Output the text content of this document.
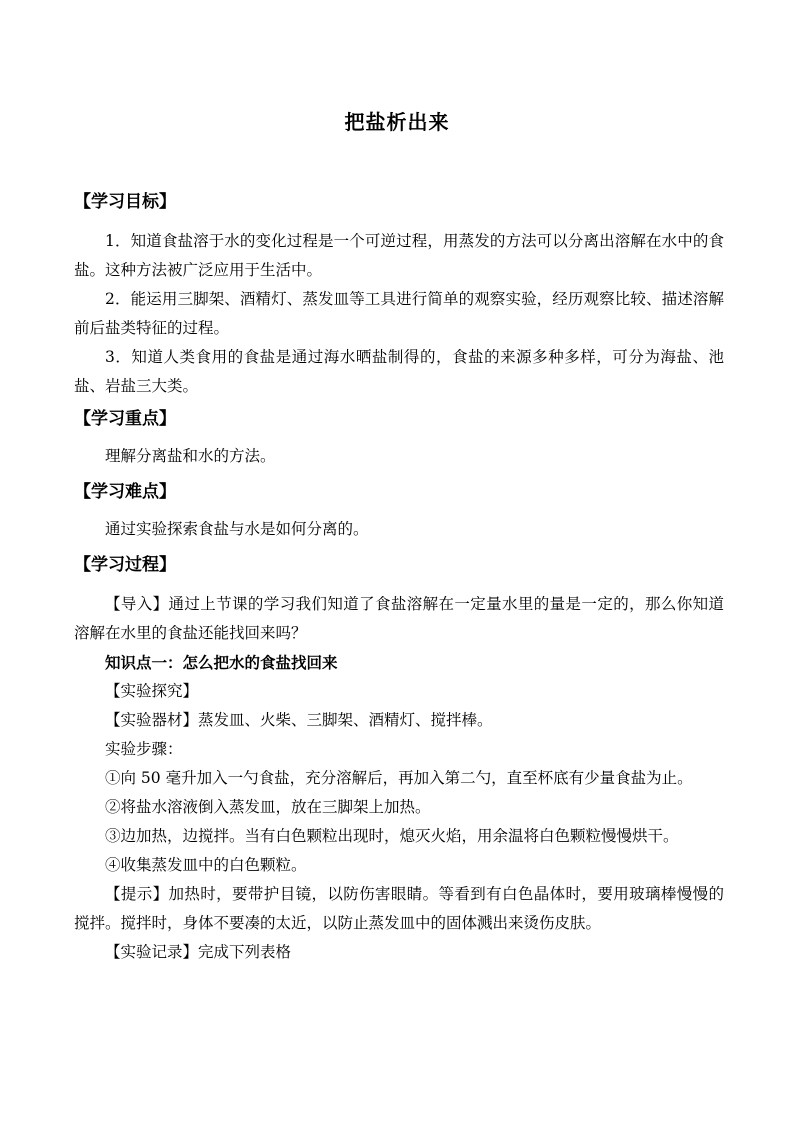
把盐析出来
【学习目标】

1．知道食盐溶于水的变化过程是一个可逆过程，用蒸发的方法可以分离出溶解在水中的食盐。这种方法被广泛应用于生活中。

2．能运用三脚架、酒精灯、蒸发皿等工具进行简单的观察实验，经历观察比较、描述溶解前后盐类特征的过程。

3．知道人类食用的食盐是通过海水晒盐制得的，食盐的来源多种多样，可分为海盐、池盐、岩盐三大类。

【学习重点】

理解分离盐和水的方法。

【学习难点】

通过实验探索食盐与水是如何分离的。

【学习过程】

【导入】通过上节课的学习我们知道了食盐溶解在一定量水里的量是一定的，那么你知道溶解在水里的食盐还能找回来吗？

知识点一：怎么把水的食盐找回来

【实验探究】

【实验器材】蒸发皿、火柴、三脚架、酒精灯、搅拌棒。

实验步骤：

①向 50 毫升加入一勺食盐，充分溶解后，再加入第二勺，直至杯底有少量食盐为止。

②将盐水溶液倒入蒸发皿，放在三脚架上加热。

③边加热，边搅拌。当有白色颗粒出现时，熄灭火焰，用余温将白色颗粒慢慢烘干。

④收集蒸发皿中的白色颗粒。

【提示】加热时，要带护目镜，以防伤害眼睛。等看到有白色晶体时，要用玻璃棒慢慢的搅拌。搅拌时，身体不要凑的太近，以防止蒸发皿中的固体溅出来烫伤皮肤。

【实验记录】完成下列表格
